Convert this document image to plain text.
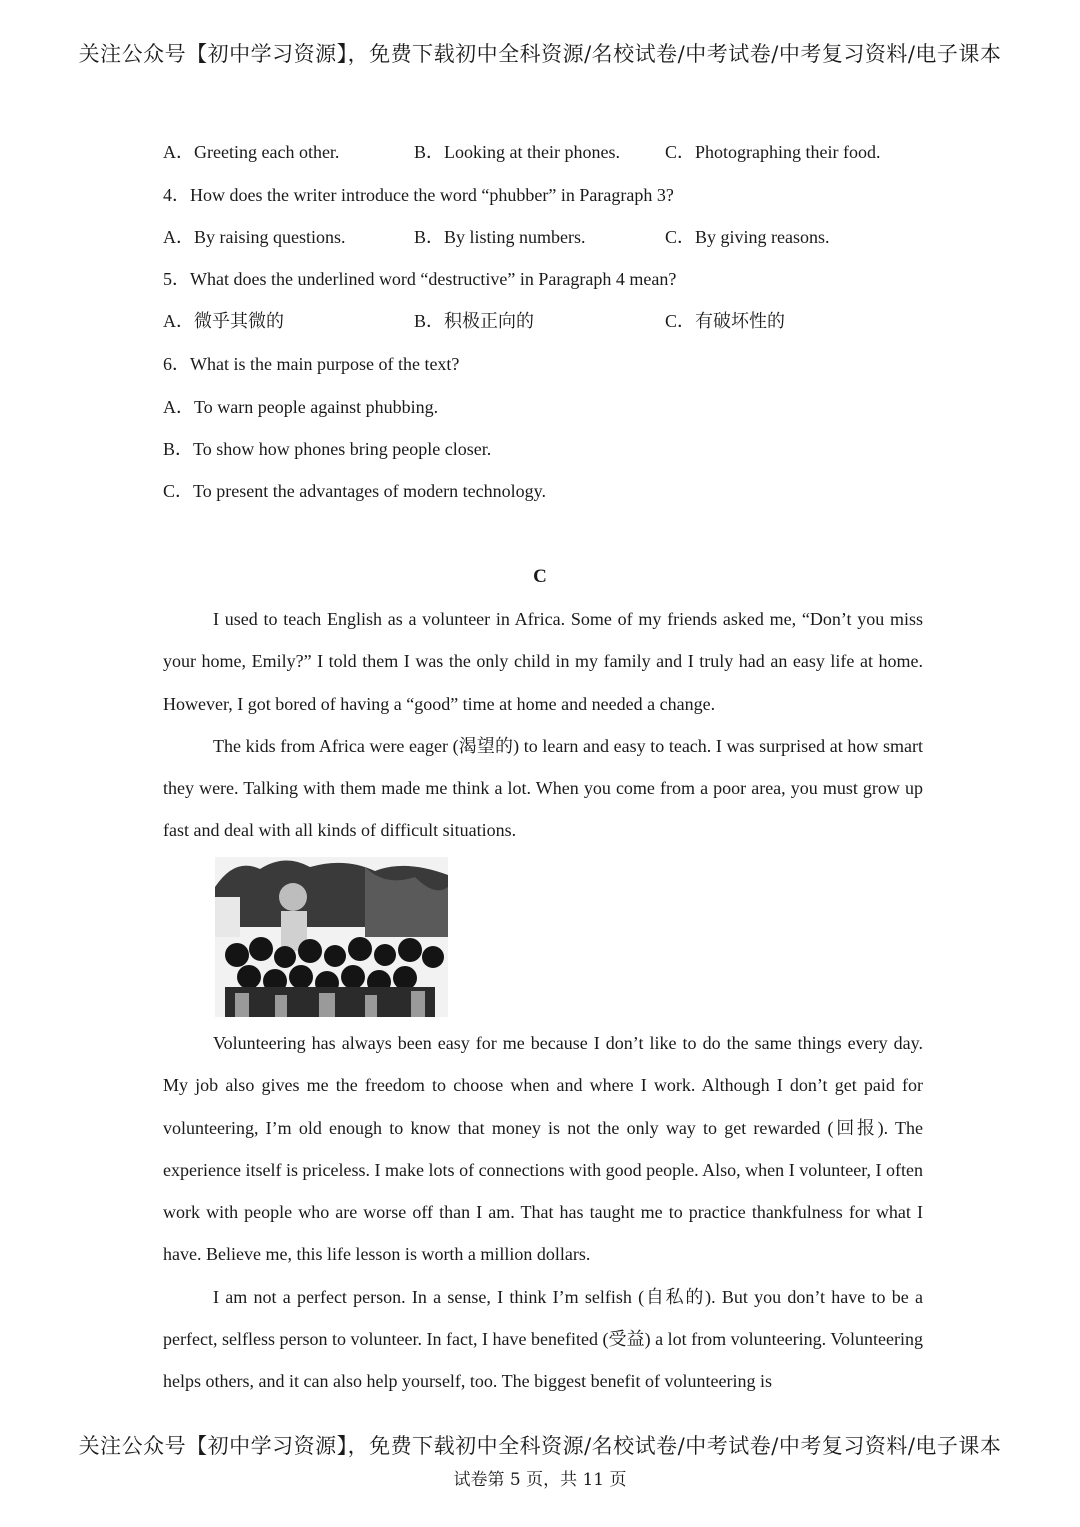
关注公众号【初中学习资源】，免费下载初中全科资源/名校试卷/中考试卷/中考复习资料/电子课本
A．Greeting each other.	B．Looking at their phones.	C．Photographing their food.
4．How does the writer introduce the word “phubber” in Paragraph 3?
A．By raising questions.	B．By listing numbers.	C．By giving reasons.
5．What does the underlined word “destructive” in Paragraph 4 mean?
A．微乎其微的	B．积极正向的	C．有破坏性的
6．What is the main purpose of the text?
A．To warn people against phubbing.
B．To show how phones bring people closer.
C．To present the advantages of modern technology.
C

I used to teach English as a volunteer in Africa. Some of my friends asked me, “Don’t you miss your home, Emily?” I told them I was the only child in my family and I truly had an easy life at home. However, I got bored of having a “good” time at home and needed a change.

The kids from Africa were eager (渴望的) to learn and easy to teach. I was surprised at how smart they were. Talking with them made me think a lot. When you come from a poor area, you must grow up fast and deal with all kinds of difficult situations.

Volunteering has always been easy for me because I don’t like to do the same things every day. My job also gives me the freedom to choose when and where I work. Although I don’t get paid for volunteering, I’m old enough to know that money is not the only way to get rewarded (回报). The experience itself is priceless. I make lots of connections with good people. Also, when I volunteer, I often work with people who are worse off than I am. That has taught me to practice thankfulness for what I have. Believe me, this life lesson is worth a million dollars.

I am not a perfect person. In a sense, I think I’m selfish (自私的). But you don’t have to be a perfect, selfless person to volunteer. In fact, I have benefited (受益) a lot from volunteering. Volunteering helps others, and it can also help yourself, too. The biggest benefit of volunteering is

关注公众号【初中学习资源】，免费下载初中全科资源/名校试卷/中考试卷/中考复习资料/电子课本
试卷第 5 页，共 11 页
